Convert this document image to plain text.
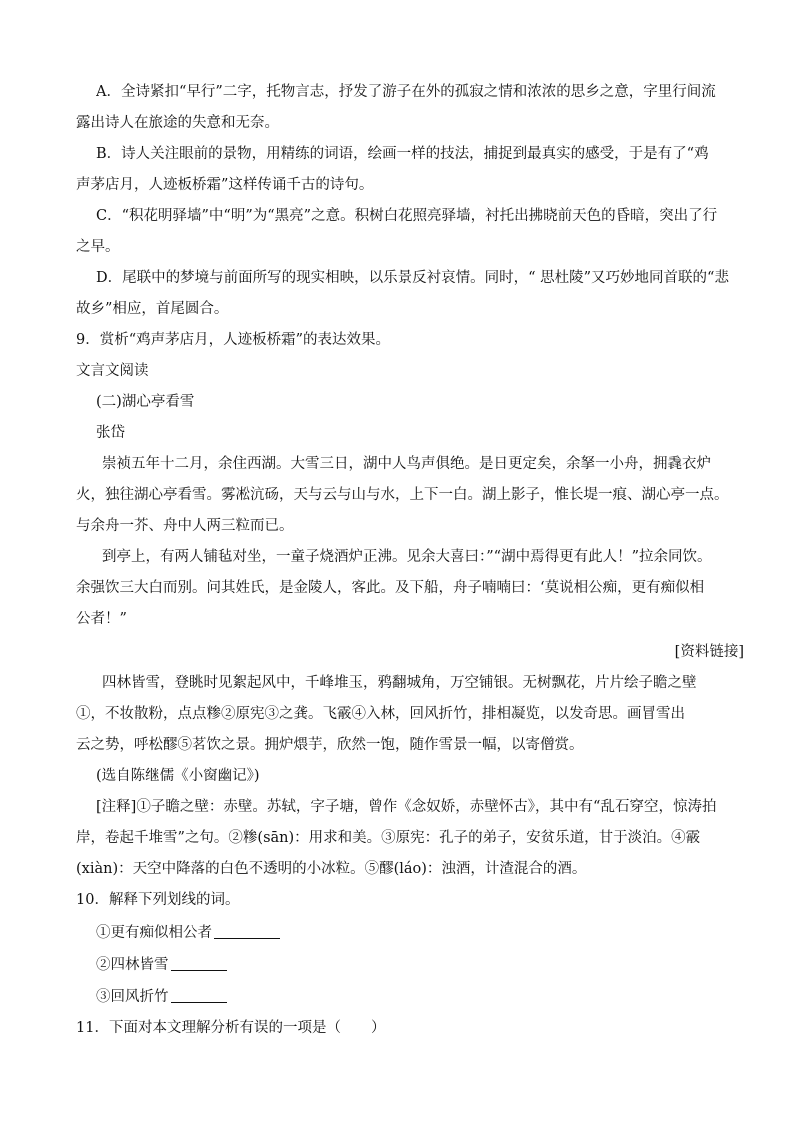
A．全诗紧扣“早行”二字，托物言志，抒发了游子在外的孤寂之情和浓浓的思乡之意，字里行间流
露出诗人在旅途的失意和无奈。
B．诗人关注眼前的景物，用精练的词语，绘画一样的技法，捕捉到最真实的感受，于是有了“鸡
声茅店月，人迹板桥霜”这样传诵千古的诗句。
C．“积花明驿墙”中“明”为“黑亮”之意。积树白花照亮驿墙，衬托出拂晓前天色的昏暗，突出了行
之早。
D．尾联中的梦境与前面所写的现实相映，以乐景反衬哀情。同时，“ 思杜陵”又巧妙地同首联的“悲
故乡”相应，首尾圆合。
9．赏析“鸡声茅店月，人迹板桥霜”的表达效果。
文言文阅读
(二)湖心亭看雪
张岱
崇祯五年十二月，余住西湖。大雪三日，湖中人鸟声俱绝。是日更定矣，余拏一小舟，拥毳衣炉
火，独往湖心亭看雪。雾凇沆砀，天与云与山与水，上下一白。湖上影子，惟长堤一痕、湖心亭一点。
与余舟一芥、舟中人两三粒而已。
到亭上，有两人铺毡对坐，一童子烧酒炉正沸。见余大喜曰：”“湖中焉得更有此人！”拉余同饮。
余强饮三大白而别。问其姓氏，是金陵人，客此。及下船，舟子喃喃曰：‘莫说相公痴，更有痴似相
公者！”
[资料链接]
四林皆雪，登眺时见絮起风中，千峰堆玉，鸦翻城角，万空铺银。无树飘花，片片绘子瞻之壁
①，不妆散粉，点点糁②原宪③之龚。飞霰④入林，回风折竹，排相凝览，以发奇思。画冒雪出
云之势，呼松醪⑤茗饮之景。拥炉煨芋，欣然一饱，随作雪景一幅，以寄僧赏。
(选自陈继儒《小窗幽记》)
[注释]①子瞻之壁：赤壁。苏轼，字子塘，曾作《念奴娇，赤壁怀古》，其中有“乱石穿空，惊涛拍
岸，卷起千堆雪”之句。②糁(sān)：用求和美。③原宪：孔子的弟子，安贫乐道，甘于淡泊。④霰
(xiàn)：天空中降落的白色不透明的小冰粒。⑤醪(láo)：浊酒，计渣混合的酒。
10．解释下列划线的词。
①更有痴似相公者
②四林皆雪
③回风折竹
11．下面对本文理解分析有误的一项是（ ）
